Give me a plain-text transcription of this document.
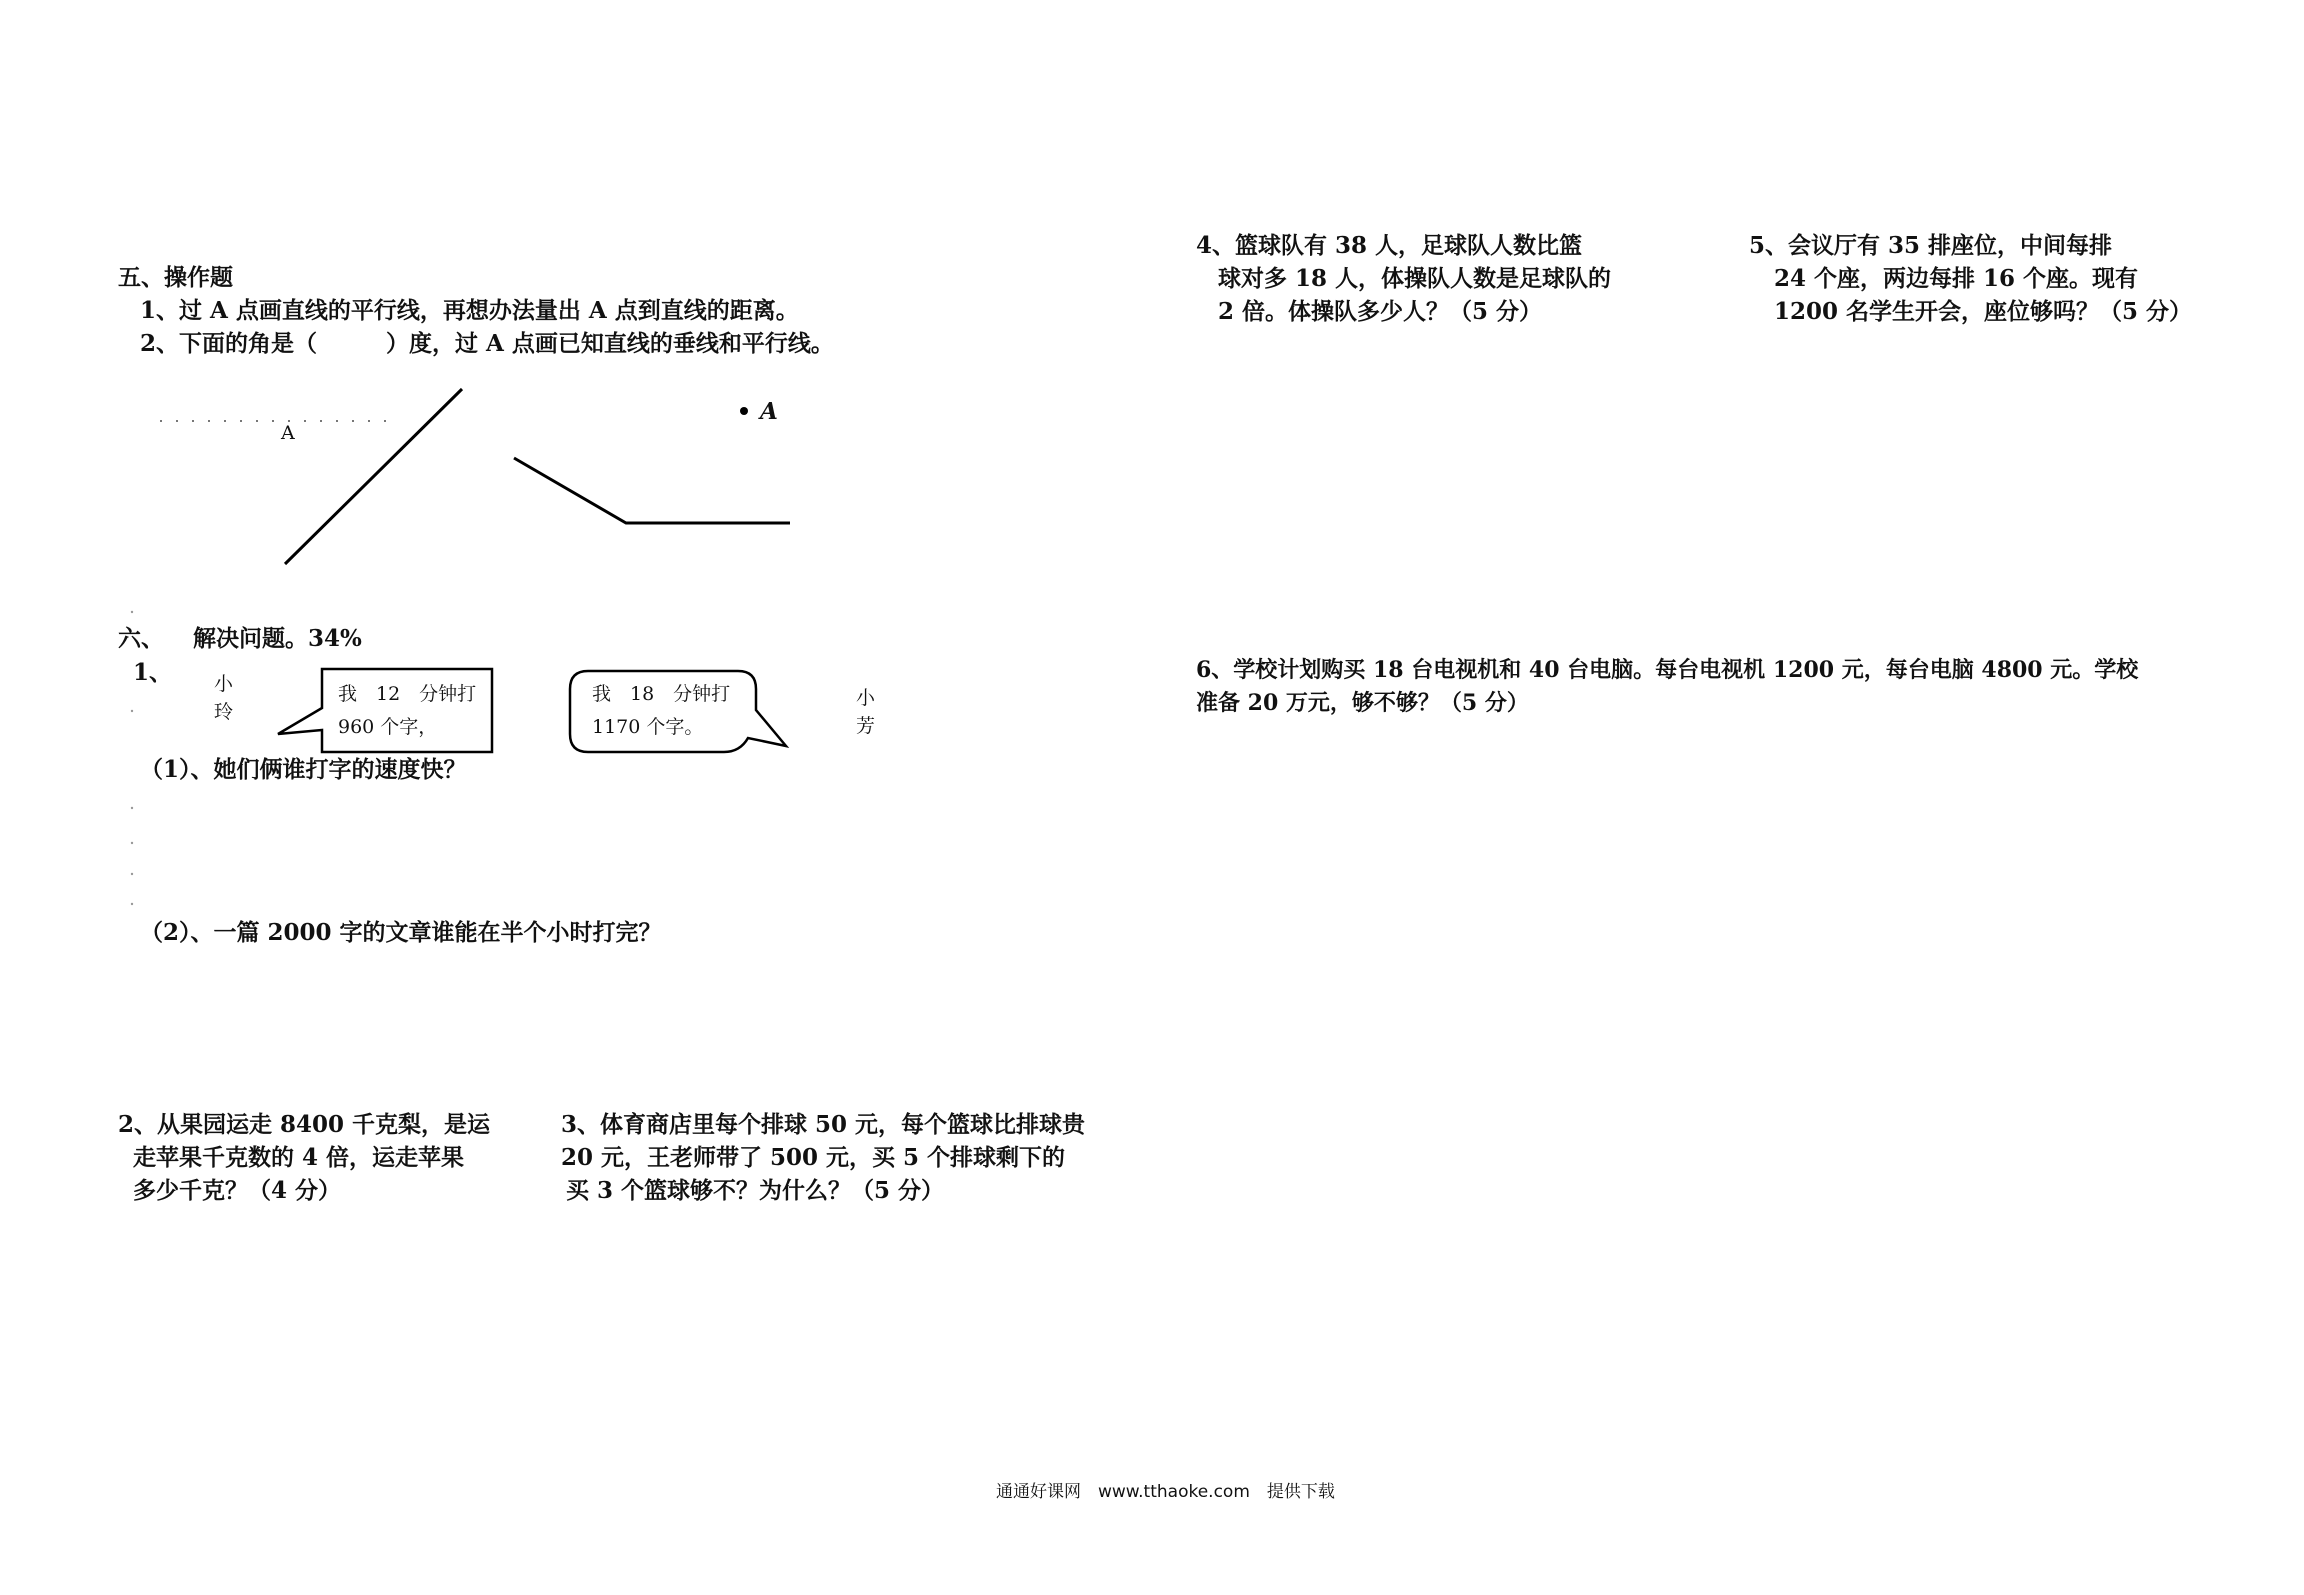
五、操作题
1、过 A 点画直线的平行线，再想办法量出 A 点到直线的距离。
2、下面的角是（　　　	）度，过 A 点画已知直线的垂线和平行线。
A
A
六、 解决问题。34%
1、 小玲
小芳
我　12　分钟打
960 个字，
我　18　分钟打
1170 个字。
（1）、她们俩谁打字的速度快？
（2）、一篇 2000 字的文章谁能在半个小时打完？
2、从果园运走 8400 千克梨，是运
走苹果千克数的 4 倍，运走苹果
多少千克？（4 分）
3、体育商店里每个排球 50 元，每个篮球比排球贵
20 元，王老师带了 500 元，买 5 个排球剩下的
买 3 个篮球够不？为什么？（5 分）
4、篮球队有 38 人，足球队人数比篮
球对多 18 人，体操队人数是足球队的
2 倍。体操队多少人？（5 分）
5、会议厅有 35 排座位，中间每排
24 个座，两边每排 16 个座。现有
1200 名学生开会，座位够吗？（5 分）
6、学校计划购买 18 台电视机和 40 台电脑。每台电视机 1200 元，每台电脑 4800 元。学校
准备 20 万元，够不够？（5 分）
通通好课网　www.tthaoke.com　提供下载
